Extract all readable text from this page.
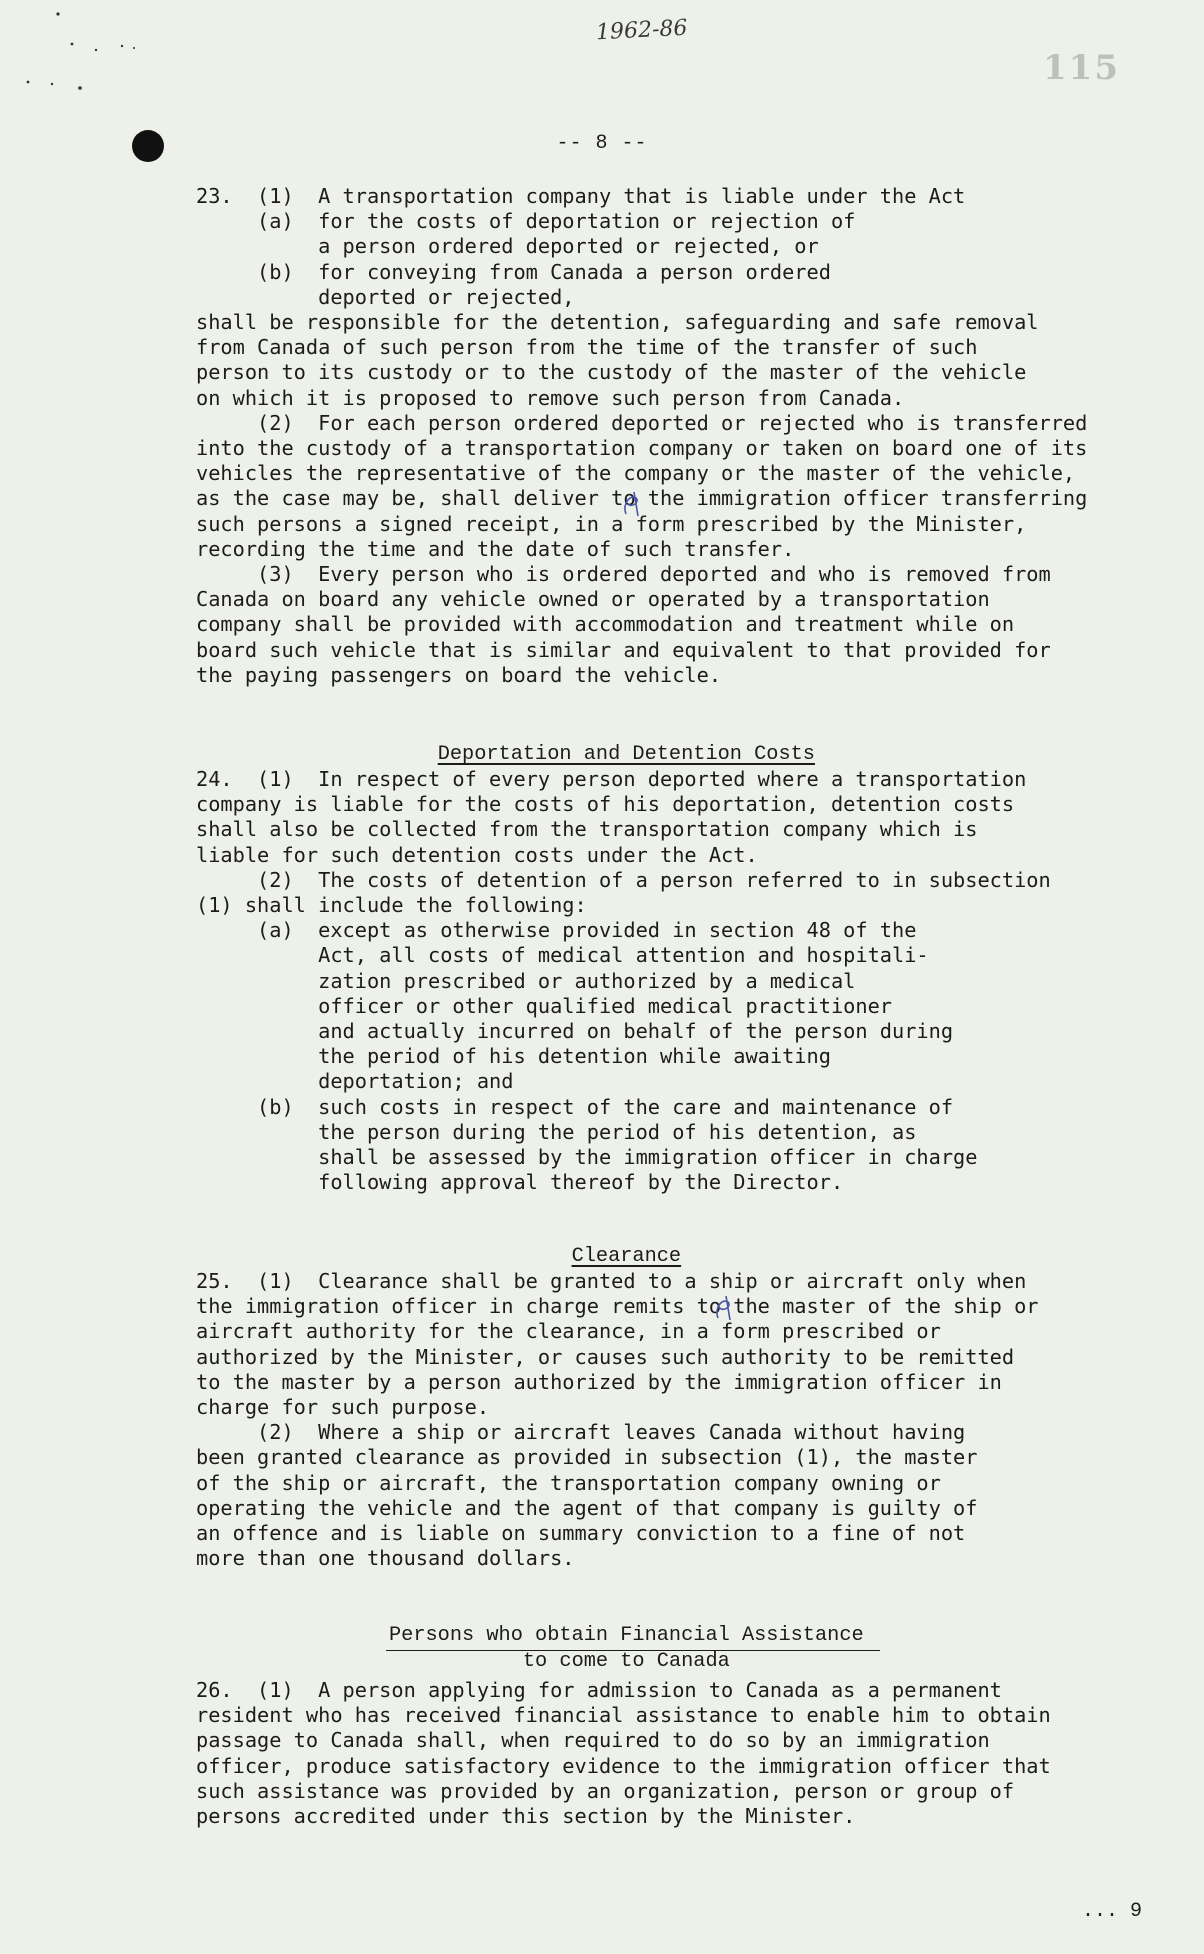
1962-86
115
-- 8 --
23.  (1)  A transportation company that is liable under the Act
(a)  for the costs of deportation or rejection of
a person ordered deported or rejected, or
(b)  for conveying from Canada a person ordered
deported or rejected,
shall be responsible for the detention, safeguarding and safe removal
from Canada of such person from the time of the transfer of such
person to its custody or to the custody of the master of the vehicle
on which it is proposed to remove such person from Canada.
(2)  For each person ordered deported or rejected who is transferred
into the custody of a transportation company or taken on board one of its
vehicles the representative of the company or the master of the vehicle,
as the case may be, shall deliver to the immigration officer transferring
such persons a signed receipt, in a form prescribed by the Minister,
recording the time and the date of such transfer.
(3)  Every person who is ordered deported and who is removed from
Canada on board any vehicle owned or operated by a transportation
company shall be provided with accommodation and treatment while on
board such vehicle that is similar and equivalent to that provided for
the paying passengers on board the vehicle.

Deportation and Detention Costs

24.  (1)  In respect of every person deported where a transportation
company is liable for the costs of his deportation, detention costs
shall also be collected from the transportation company which is
liable for such detention costs under the Act.
(2)  The costs of detention of a person referred to in subsection
(1) shall include the following:
(a)  except as otherwise provided in section 48 of the
Act, all costs of medical attention and hospitali-
zation prescribed or authorized by a medical
officer or other qualified medical practitioner
and actually incurred on behalf of the person during
the period of his detention while awaiting
deportation; and
(b)  such costs in respect of the care and maintenance of
the person during the period of his detention, as
shall be assessed by the immigration officer in charge
following approval thereof by the Director.

Clearance

25.  (1)  Clearance shall be granted to a ship or aircraft only when
the immigration officer in charge remits to the master of the ship or
aircraft authority for the clearance, in a form prescribed or
authorized by the Minister, or causes such authority to be remitted
to the master by a person authorized by the immigration officer in
charge for such purpose.
(2)  Where a ship or aircraft leaves Canada without having
been granted clearance as provided in subsection (1), the master
of the ship or aircraft, the transportation company owning or
operating the vehicle and the agent of that company is guilty of
an offence and is liable on summary conviction to a fine of not
more than one thousand dollars.

Persons who obtain Financial Assistance

to come to Canada

26.  (1)  A person applying for admission to Canada as a permanent
resident who has received financial assistance to enable him to obtain
passage to Canada shall, when required to do so by an immigration
officer, produce satisfactory evidence to the immigration officer that
such assistance was provided by an organization, person or group of
persons accredited under this section by the Minister.
... 9
